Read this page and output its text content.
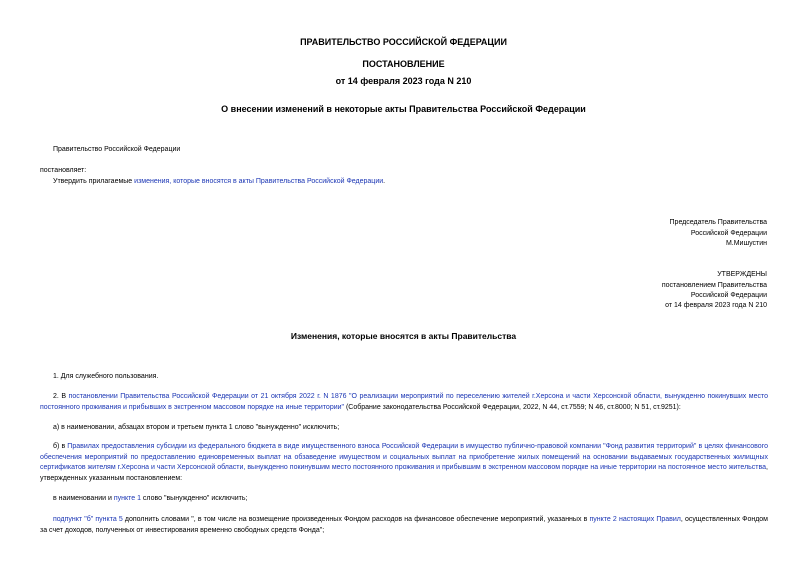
ПРАВИТЕЛЬСТВО РОССИЙСКОЙ ФЕДЕРАЦИИ
ПОСТАНОВЛЕНИЕ
от 14 февраля 2023 года N 210
О внесении изменений в некоторые акты Правительства Российской Федерации
Правительство Российской Федерации
постановляет:
Утвердить прилагаемые изменения, которые вносятся в акты Правительства Российской Федерации.
Председатель Правительства
Российской Федерации
М.Мишустин
УТВЕРЖДЕНЫ
постановлением Правительства
Российской Федерации
от 14 февраля 2023 года N 210
Изменения, которые вносятся в акты Правительства
1. Для служебного пользования.
2. В постановлении Правительства Российской Федерации от 21 октября 2022 г. N 1876 "О реализации мероприятий по переселению жителей г.Херсона и части Херсонской области, вынужденно покинувших место постоянного проживания и прибывших в экстренном массовом порядке на иные территории" (Собрание законодательства Российской Федерации, 2022, N 44, ст.7559; N 46, ст.8000; N 51, ст.9251):
а) в наименовании, абзацах втором и третьем пункта 1 слово "вынужденно" исключить;
б) в Правилах предоставления субсидии из федерального бюджета в виде имущественного взноса Российской Федерации в имущество публично-правовой компании "Фонд развития территорий" в целях финансового обеспечения мероприятий по предоставлению единовременных выплат на обзаведение имуществом и социальных выплат на приобретение жилых помещений на основании выдаваемых государственных жилищных сертификатов жителям г.Херсона и части Херсонской области, вынужденно покинувшим место постоянного проживания и прибывшим в экстренном массовом порядке на иные территории на постоянное место жительства, утвержденных указанным постановлением:
в наименовании и пункте 1 слово "вынужденно" исключить;
подпункт "б" пункта 5 дополнить словами ", в том числе на возмещение произведенных Фондом расходов на финансовое обеспечение мероприятий, указанных в пункте 2 настоящих Правил, осуществленных Фондом за счет доходов, полученных от инвестирования временно свободных средств Фонда";
